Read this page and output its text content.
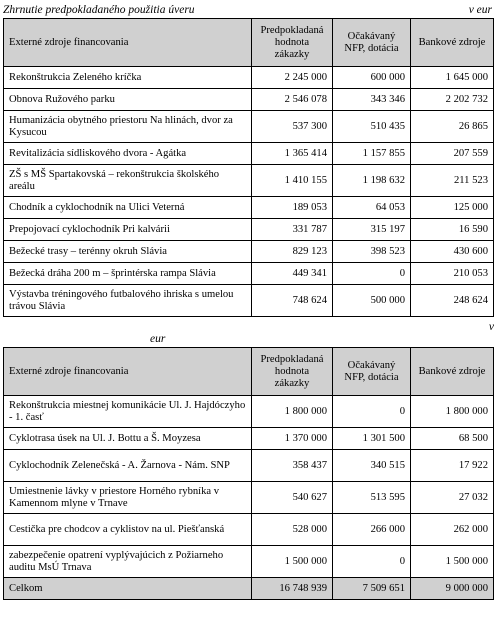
Zhrnutie predpokladaného použitia úveru	v eur
Externé zdroje financovania	Predpokladaná hodnota zákazky	Očakávaný NFP, dotácia	Bankové zdroje
Rekonštrukcia Zeleného kríčka	2 245 000	600 000	1 645 000
Obnova Ružového parku	2 546 078	343 346	2 202 732
Humanizácia obytného priestoru Na hlinách, dvor za Kysucou	537 300	510 435	26 865
Revitalizácia sídliskového dvora - Agátka	1 365 414	1 157 855	207 559
ZŠ s MŠ Spartakovská – rekonštrukcia školského areálu	1 410 155	1 198 632	211 523
Chodník a cyklochodník na Ulici Veterná	189 053	64 053	125 000
Prepojovací cyklochodník Pri kalvárii	331 787	315 197	16 590
Bežecké trasy – terénny okruh Slávia	829 123	398 523	430 600
Bežecká dráha 200 m – šprintérska rampa Slávia	449 341	0	210 053
Výstavba tréningového futbalového ihriska s umelou trávou Slávia	748 624	500 000	248 624
v
eur
Externé zdroje financovania	Predpokladaná hodnota zákazky	Očakávaný NFP, dotácia	Bankové zdroje
Rekonštrukcia miestnej komunikácie Ul. J. Hajdóczyho - 1. časť	1 800 000	0	1 800 000
Cyklotrasa úsek na Ul. J. Bottu a Š. Moyzesa	1 370 000	1 301 500	68 500
Cyklochodník Zelenečská - A. Žarnova - Nám. SNP	358 437	340 515	17 922
Umiestnenie lávky v priestore Horného rybníka v Kamennom mlyne v Trnave	540 627	513 595	27 032
Cestička pre chodcov a cyklistov na ul. Piešťanská	528 000	266 000	262 000
zabezpečenie opatrení vyplývajúcich z Požiarneho auditu MsÚ Trnava	1 500 000	0	1 500 000
Celkom	16 748 939	7 509 651	9 000 000
